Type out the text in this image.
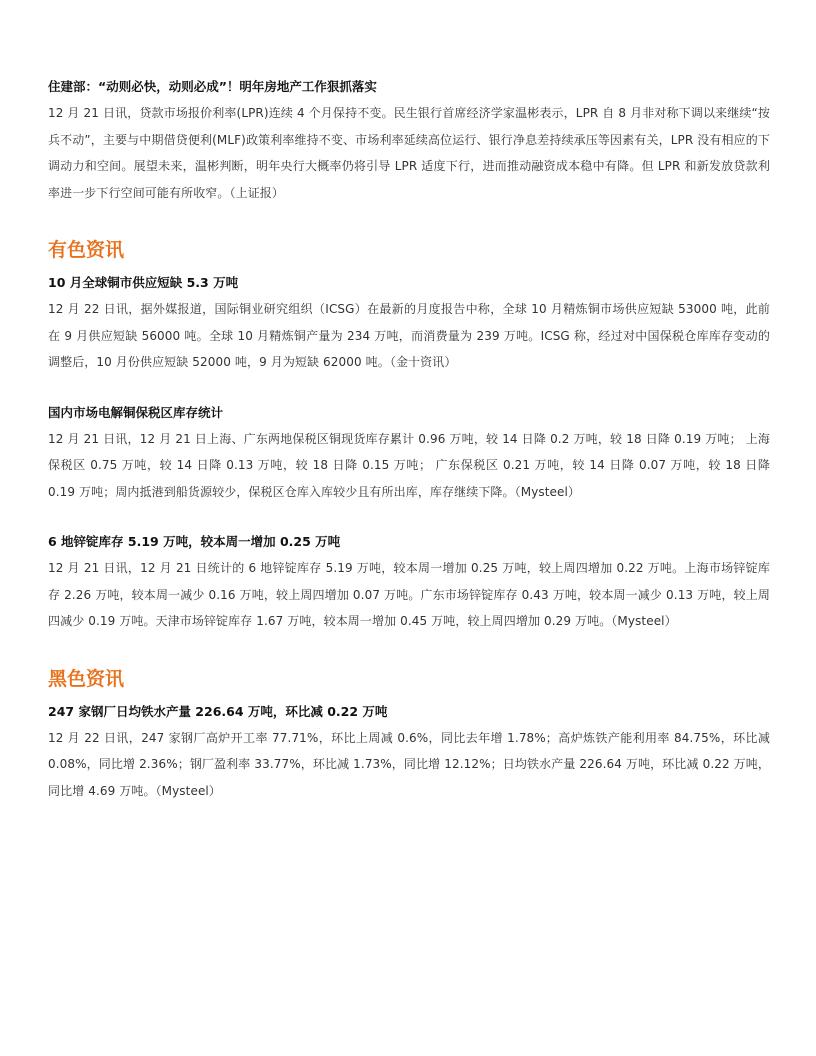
住建部：“动则必快，动则必成”！明年房地产工作狠抓落实

12 月 21 日讯，贷款市场报价利率(LPR)连续 4 个月保持不变。民生银行首席经济学家温彬表示，LPR 自 8 月非对称下调以来继续“按兵不动”，主要与中期借贷便利(MLF)政策利率维持不变、市场利率延续高位运行、银行净息差持续承压等因素有关，LPR 没有相应的下调动力和空间。展望未来，温彬判断，明年央行大概率仍将引导 LPR 适度下行，进而推动融资成本稳中有降。但 LPR 和新发放贷款利率进一步下行空间可能有所收窄。（上证报）

有色资讯

10 月全球铜市供应短缺 5.3 万吨

12 月 22 日讯，据外媒报道，国际铜业研究组织（ICSG）在最新的月度报告中称，全球 10 月精炼铜市场供应短缺 53000 吨，此前在 9 月供应短缺 56000 吨。全球 10 月精炼铜产量为 234 万吨，而消费量为 239 万吨。ICSG 称，经过对中国保税仓库库存变动的调整后，10 月份供应短缺 52000 吨，9 月为短缺 62000 吨。（金十资讯）

国内市场电解铜保税区库存统计

12 月 21 日讯，12 月 21 日上海、广东两地保税区铜现货库存累计 0.96 万吨，较 14 日降 0.2 万吨，较 18 日降 0.19 万吨； 上海保税区 0.75 万吨，较 14 日降 0.13 万吨，较 18 日降 0.15 万吨； 广东保税区 0.21 万吨，较 14 日降 0.07 万吨，较 18 日降 0.19 万吨；周内抵港到船货源较少，保税区仓库入库较少且有所出库，库存继续下降。（Mysteel）

6 地锌锭库存 5.19 万吨，较本周一增加 0.25 万吨

12 月 21 日讯，12 月 21 日统计的 6 地锌锭库存 5.19 万吨，较本周一增加 0.25 万吨，较上周四增加 0.22 万吨。上海市场锌锭库存 2.26 万吨，较本周一减少 0.16 万吨，较上周四增加 0.07 万吨。广东市场锌锭库存 0.43 万吨，较本周一减少 0.13 万吨，较上周四减少 0.19 万吨。天津市场锌锭库存 1.67 万吨，较本周一增加 0.45 万吨，较上周四增加 0.29 万吨。（Mysteel）

黑色资讯

247 家钢厂日均铁水产量 226.64 万吨，环比减 0.22 万吨

12 月 22 日讯，247 家钢厂高炉开工率 77.71%，环比上周减 0.6%，同比去年增 1.78%；高炉炼铁产能利用率 84.75%，环比减 0.08%，同比增 2.36%；钢厂盈利率 33.77%，环比减 1.73%，同比增 12.12%；日均铁水产量 226.64 万吨，环比减 0.22 万吨，同比增 4.69 万吨。（Mysteel）
